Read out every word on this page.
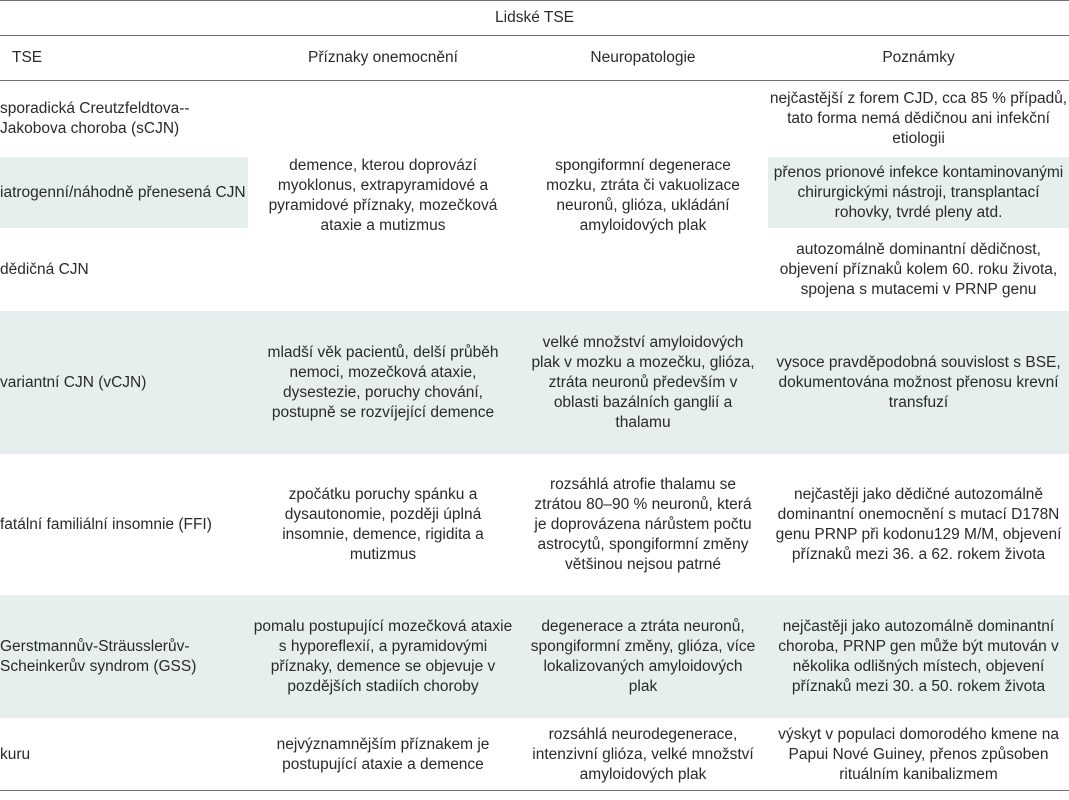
Lidské TSE			
TSE	Příznaky onemocnění	Neuropatologie	Poznámky
sporadická Creutzfeldtova--Jakobova choroba (sCJN)	demence, kterou doprovází myoklonus, extrapyramidové a pyramidové příznaky, mozečková ataxie a mutizmus	spongiformní degenerace mozku, ztráta či vakuolizace neuronů, glióza, ukládání amyloidových plak	nejčastější z forem CJD, cca 85 % případů, tato forma nemá dědičnou ani infekční etiologii
iatrogenní/náhodně přenesená CJN			přenos prionové infekce kontaminovanými chirurgickými nástroji, transplantací rohovky, tvrdé pleny atd.
dědičná CJN			autozomálně dominantní dědičnost, objevení příznaků kolem 60. roku života, spojena s mutacemi v PRNP genu
variantní CJN (vCJN)	mladší věk pacientů, delší průběh nemoci, mozečková ataxie, dysestezie, poruchy chování, postupně se rozvíjející demence	velké množství amyloidových plak v mozku a mozečku, glióza, ztráta neuronů především v oblasti bazálních ganglií a thalamu	vysoce pravděpodobná souvislost s BSE, dokumentována možnost přenosu krevní transfuzí
fatální familiální insomnie (FFI)	zpočátku poruchy spánku a dysautonomie, později úplná insomnie, demence, rigidita a mutizmus	rozsáhlá atrofie thalamu se ztrátou 80–90 % neuronů, která je doprovázena nárůstem počtu astrocytů, spongiformní změny většinou nejsou patrné	nejčastěji jako dědičné autozomálně dominantní onemocnění s mutací D178N genu PRNP při kodonu129 M/M, objevení příznaků mezi 36. a 62. rokem života
Gerstmannův-Sträusslerův-Scheinkerův syndrom (GSS)	pomalu postupující mozečková ataxie s hyporeflexií, a pyramidovými příznaky, demence se objevuje v pozdějších stadiích choroby	degenerace a ztráta neuronů, spongiformní změny, glióza, více lokalizovaných amyloidových plak	nejčastěji jako autozomálně dominantní choroba, PRNP gen může být mutován v několika odlišných místech, objevení příznaků mezi 30. a 50. rokem života
kuru	nejvýznamnějším příznakem je postupující ataxie a demence	rozsáhlá neurodegenerace, intenzivní glióza, velké množství amyloidových plak	výskyt v populaci domorodého kmene na Papui Nové Guiney, přenos způsoben rituálním kanibalizmem
